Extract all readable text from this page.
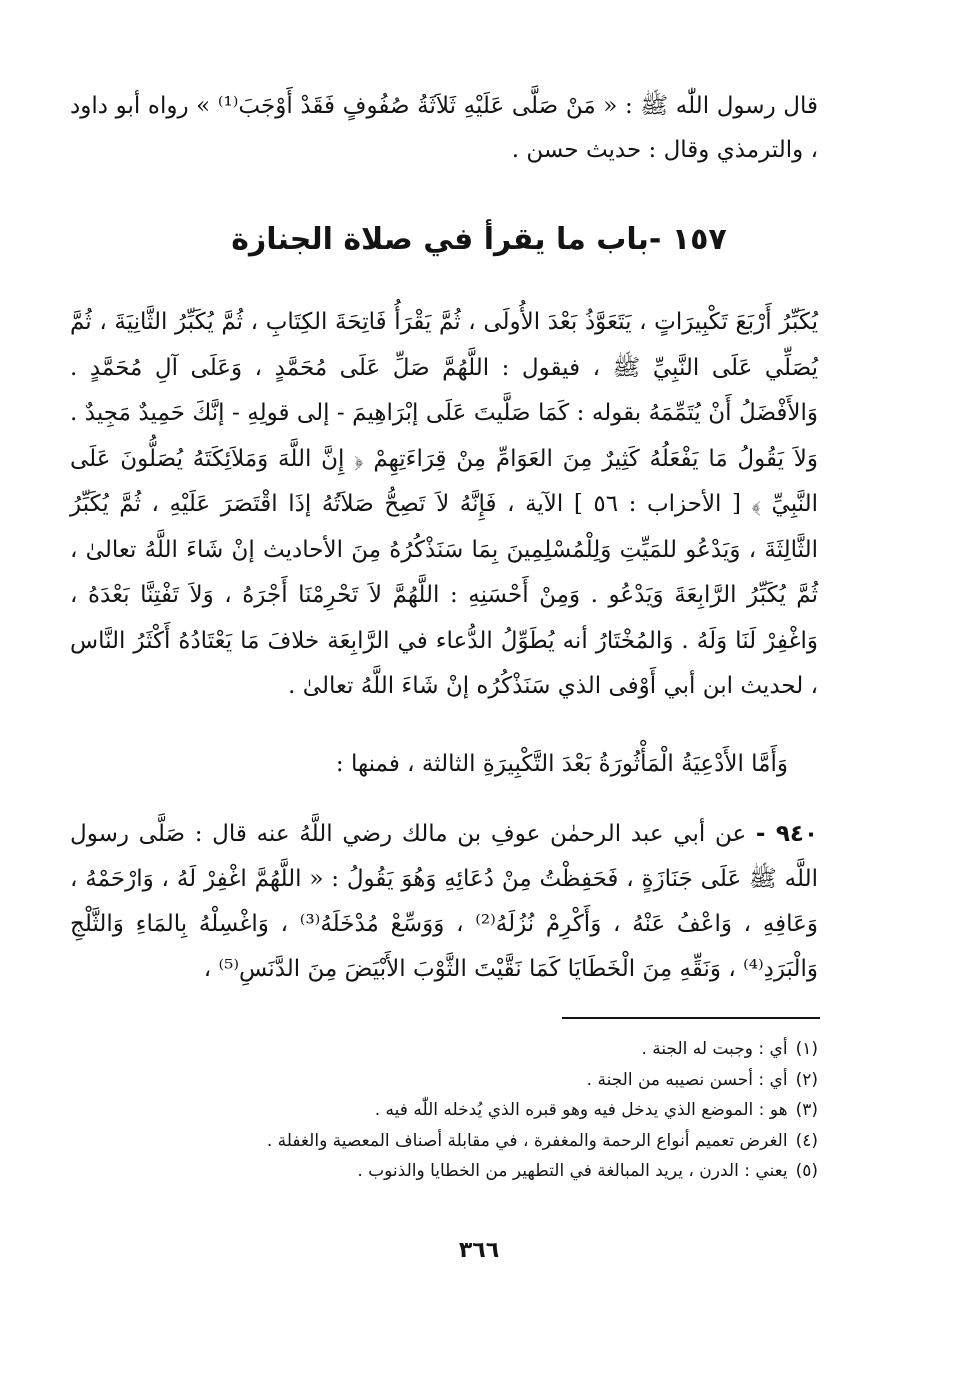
قال رسول اللّٰه ﷺ : « مَنْ صَلَّى عَلَيْهِ ثَلاَثَةُ صُفُوفٍ فَقَدْ أَوْجَبَ⁽¹⁾ » رواه أبو داود ، والترمذي وقال : حديث حسن .

١٥٧ -باب ما يقرأ في صلاة الجنازة

يُكَبِّرُ أَرْبَعَ تَكْبِيرَاتٍ ، يَتَعَوَّذُ بَعْدَ الأُولَى ، ثُمَّ يَقْرَأُ فَاتِحَةَ الكِتَابِ ، ثُمَّ يُكَبِّرُ الثَّانِيَةَ ، ثُمَّ يُصَلِّي عَلَى النَّبِيِّ ﷺ ، فيقول : اللَّهُمَّ صَلِّ عَلَى مُحَمَّدٍ ، وَعَلَى آلِ مُحَمَّدٍ . وَالأَفْضَلُ أَنْ يُتَمِّمَهُ بقوله : كَمَا صَلَّيتَ عَلَى إبْرَاهِيمَ - إلى قولِهِ - إنَّكَ حَمِيدٌ مَجِيدٌ . وَلاَ يَقُولُ مَا يَفْعَلُهُ كَثِيرٌ مِنَ العَوَامِّ مِنْ قِرَاءَتِهِمْ ﴿ إِنَّ اللَّهَ وَمَلاَئِكَتَهُ يُصَلُّونَ عَلَى النَّبِيِّ ﴾ [ الأحزاب : ٥٦ ] الآية ، فَإِنَّهُ لاَ تَصِحُّ صَلاَتُهُ إذَا اقْتَصَرَ عَلَيْهِ ، ثُمَّ يُكَبِّرُ الثَّالِثَةَ ، وَيَدْعُو للمَيِّتِ وَلِلْمُسْلِمِينَ بِمَا سَنَذْكُرُهُ مِنَ الأحاديث إنْ شَاءَ اللَّهُ تعالىٰ ، ثُمَّ يُكَبِّرُ الرَّابِعَةَ وَيَدْعُو . وَمِنْ أَحْسَنِهِ : اللَّهُمَّ لاَ تَحْرِمْنَا أَجْرَهُ ، وَلاَ تَفْتِنَّا بَعْدَهُ ، وَاغْفِرْ لَنَا وَلَهُ . وَالمُخْتَارُ أنه يُطَوِّلُ الدُّعاء في الرَّابِعَة خلافَ مَا يَعْتَادُهُ أَكْثَرُ النَّاس ، لحديث ابن أبي أَوْفى الذي سَنَذْكُرُه إنْ شَاءَ اللَّهُ تعالىٰ .

وَأَمَّا الأَدْعِيَةُ الْمَأْثُورَةُ بَعْدَ التَّكْبِيرَةِ الثالثة ، فمنها :

٩٤٠ - عن أبي عبد الرحمٰن عوفِ بن مالك رضي اللَّهُ عنه قال : صَلَّى رسول اللَّه ﷺ عَلَى جَنَازَةٍ ، فَحَفِظْتُ مِنْ دُعَائِهِ وَهُوَ يَقُولُ : « اللَّهُمَّ اغْفِرْ لَهُ ، وَارْحَمْهُ ، وَعَافِهِ ، وَاعْفُ عَنْهُ ، وَأَكْرِمْ نُزُلَهُ⁽²⁾ ، وَوَسِّعْ مُدْخَلَهُ⁽³⁾ ، وَاغْسِلْهُ بِالمَاءِ وَالثَّلْجِ وَالْبَرَدِ⁽⁴⁾ ، وَنَقِّهِ مِنَ الْخَطَايَا كَمَا نَقَّيْتَ الثَّوْبَ الأَبْيَضَ مِنَ الدَّنَسِ⁽⁵⁾ ،

(١)أي : وجبت له الجنة .
(٢)أي : أحسن نصيبه من الجنة .
(٣)هو : الموضع الذي يدخل فيه وهو قبره الذي يُدخله اللّٰه فيه .
(٤)الغرض تعميم أنواع الرحمة والمغفرة ، في مقابلة أصناف المعصية والغفلة .
(٥)يعني : الدرن ، يريد المبالغة في التطهير من الخطايا والذنوب .
٣٦٦
